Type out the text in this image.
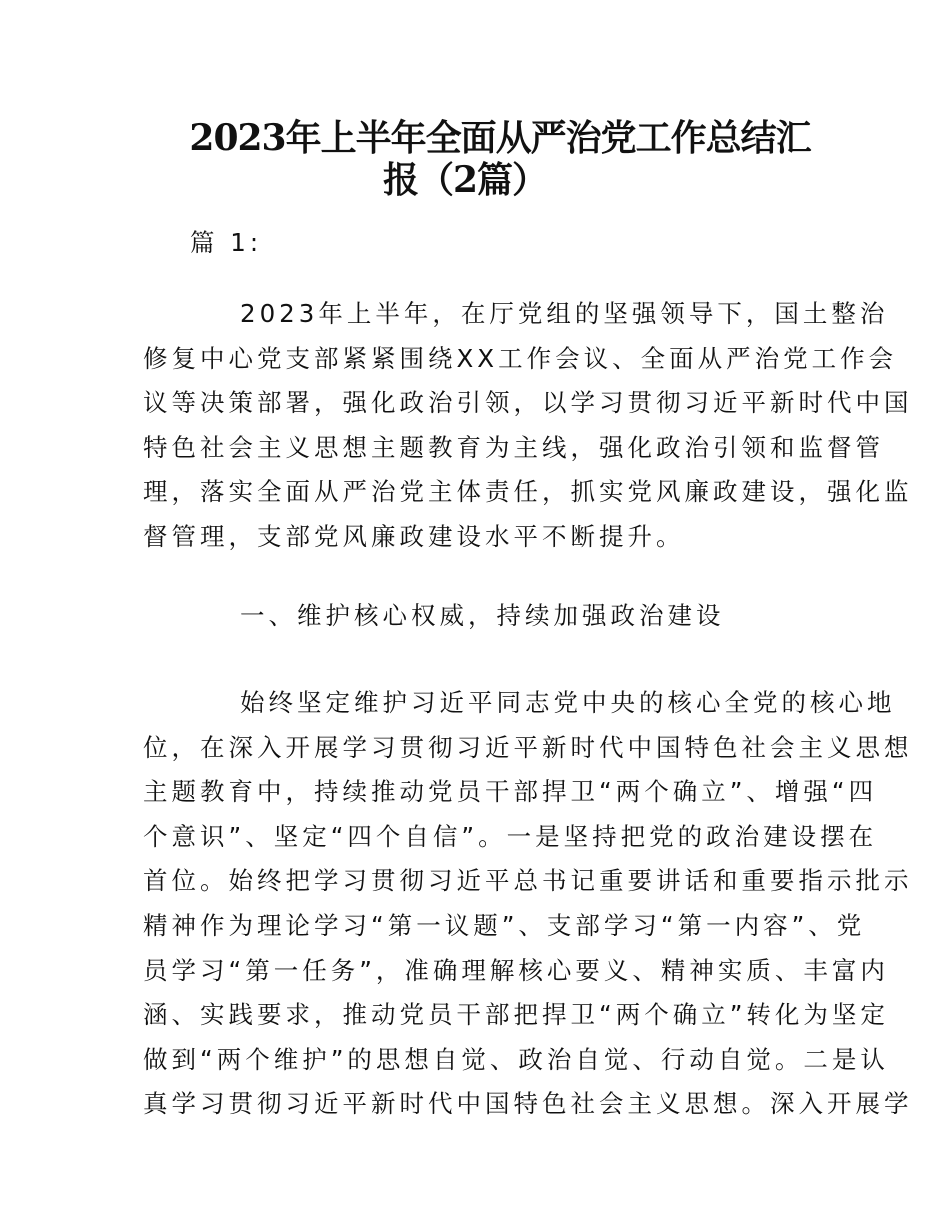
2023年上半年全面从严治党工作总结汇
报（2篇）
篇 1:
2023年上半年，在厅党组的坚强领导下，国土整治
修复中心党支部紧紧围绕XX工作会议、全面从严治党工作会
议等决策部署，强化政治引领，以学习贯彻习近平新时代中国
特色社会主义思想主题教育为主线，强化政治引领和监督管
理，落实全面从严治党主体责任，抓实党风廉政建设，强化监
督管理，支部党风廉政建设水平不断提升。
一、维护核心权威，持续加强政治建设
始终坚定维护习近平同志党中央的核心全党的核心地
位，在深入开展学习贯彻习近平新时代中国特色社会主义思想
主题教育中，持续推动党员干部捍卫“两个确立”、增强“四
个意识”、坚定“四个自信”。一是坚持把党的政治建设摆在
首位。始终把学习贯彻习近平总书记重要讲话和重要指示批示
精神作为理论学习“第一议题”、支部学习“第一内容”、党
员学习“第一任务”，准确理解核心要义、精神实质、丰富内
涵、实践要求，推动党员干部把捍卫“两个确立”转化为坚定
做到“两个维护”的思想自觉、政治自觉、行动自觉。二是认
真学习贯彻习近平新时代中国特色社会主义思想。深入开展学
